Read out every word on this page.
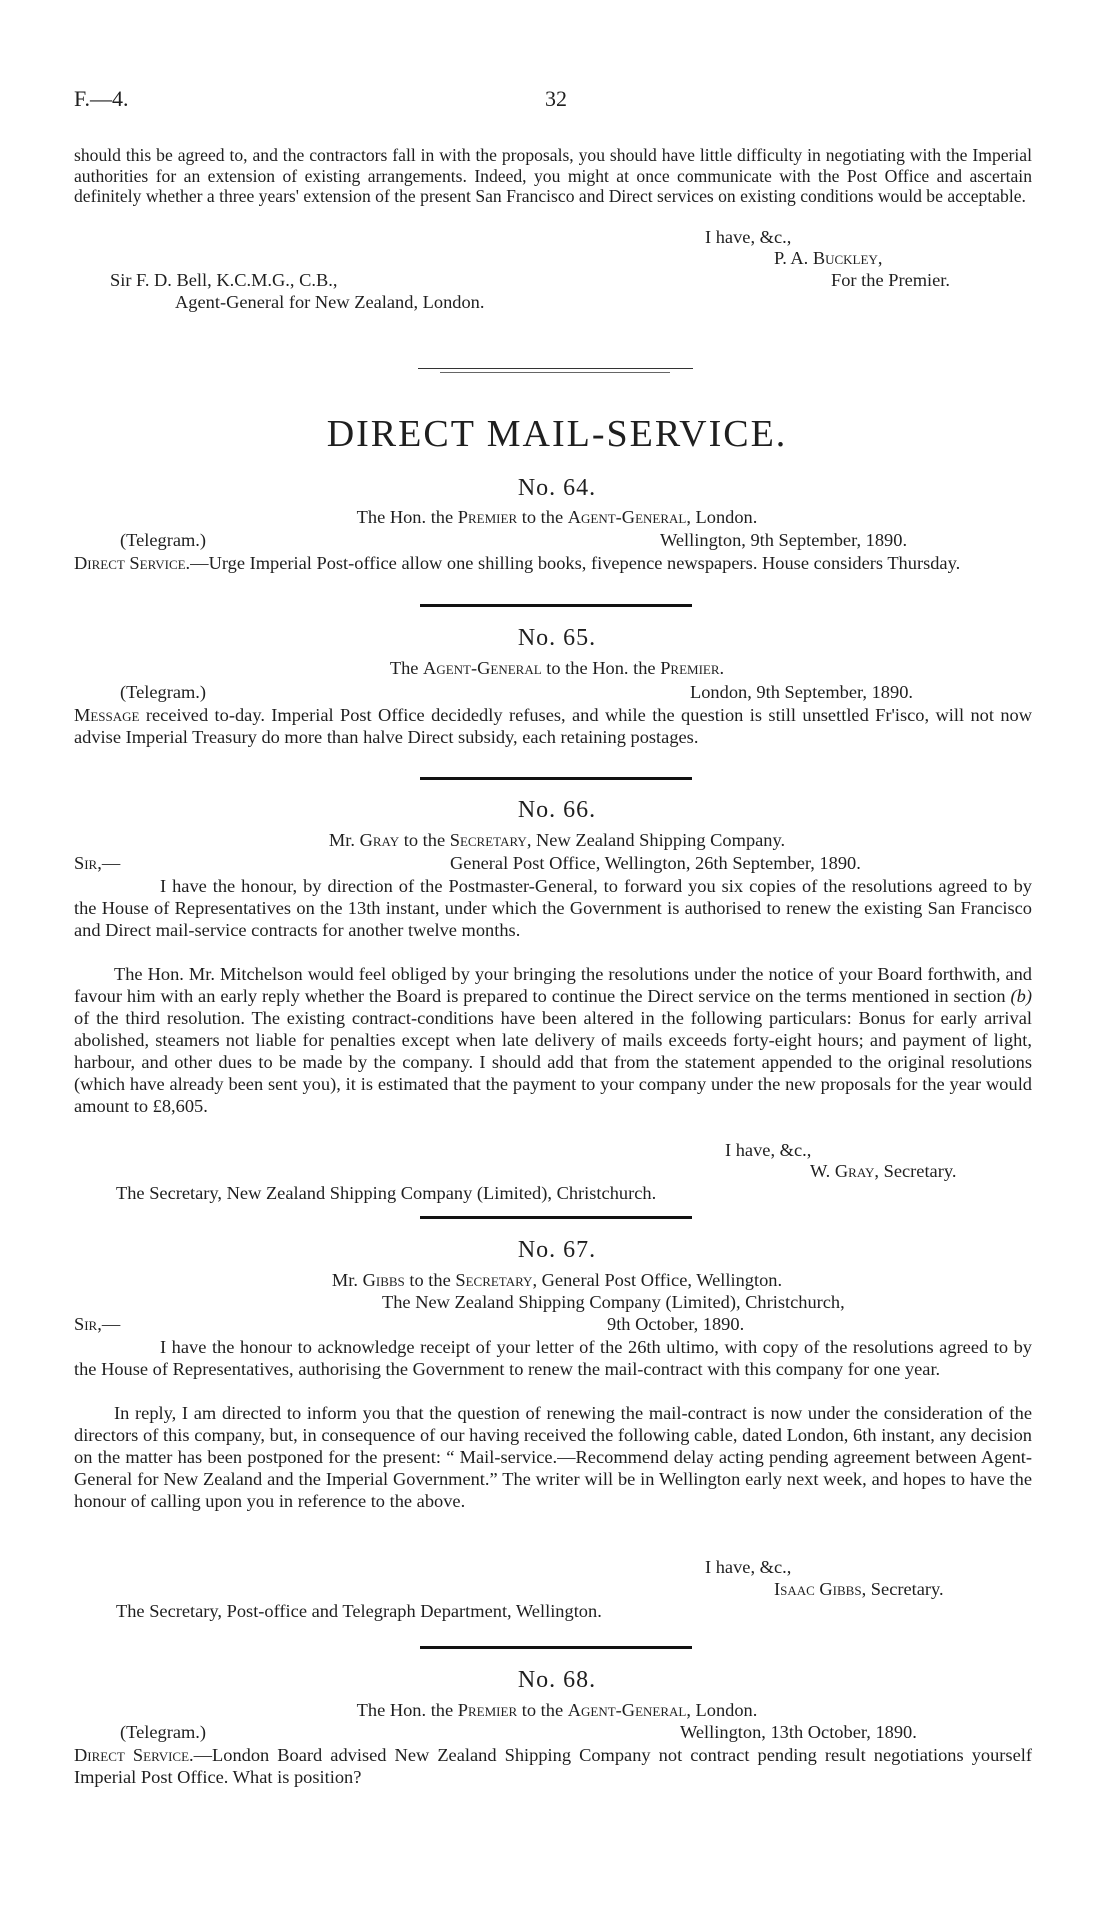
F.—4.	32
should this be agreed to, and the contractors fall in with the proposals, you should have little difficulty in negotiating with the Imperial authorities for an extension of existing arrangements. Indeed, you might at once communicate with the Post Office and ascertain definitely whether a three years' extension of the present San Francisco and Direct services on existing conditions would be acceptable.
I have, &c.,
P. A. Buckley,
For the Premier.
Sir F. D. Bell, K.C.M.G., C.B.,
Agent-General for New Zealand, London.
DIRECT MAIL-SERVICE.
No. 64.
The Hon. the Premier to the Agent-General, London.
(Telegram.)	Wellington, 9th September, 1890.
Direct Service.—Urge Imperial Post-office allow one shilling books, fivepence newspapers. House considers Thursday.
No. 65.
The Agent-General to the Hon. the Premier.
(Telegram.)	London, 9th September, 1890.
Message received to-day. Imperial Post Office decidedly refuses, and while the question is still unsettled Fr'isco, will not now advise Imperial Treasury do more than halve Direct subsidy, each retaining postages.
No. 66.
Mr. Gray to the Secretary, New Zealand Shipping Company.
Sir,—	General Post Office, Wellington, 26th September, 1890.
I have the honour, by direction of the Postmaster-General, to forward you six copies of the resolutions agreed to by the House of Representatives on the 13th instant, under which the Government is authorised to renew the existing San Francisco and Direct mail-service contracts for another twelve months.
The Hon. Mr. Mitchelson would feel obliged by your bringing the resolutions under the notice of your Board forthwith, and favour him with an early reply whether the Board is prepared to continue the Direct service on the terms mentioned in section (b) of the third resolution. The existing contract-conditions have been altered in the following particulars: Bonus for early arrival abolished, steamers not liable for penalties except when late delivery of mails exceeds forty-eight hours; and payment of light, harbour, and other dues to be made by the company. I should add that from the statement appended to the original resolutions (which have already been sent you), it is estimated that the payment to your company under the new proposals for the year would amount to £8,605.
I have, &c.,
W. Gray, Secretary.
The Secretary, New Zealand Shipping Company (Limited), Christchurch.
No. 67.
Mr. Gibbs to the Secretary, General Post Office, Wellington.
The New Zealand Shipping Company (Limited), Christchurch,
Sir,—	9th October, 1890.
I have the honour to acknowledge receipt of your letter of the 26th ultimo, with copy of the resolutions agreed to by the House of Representatives, authorising the Government to renew the mail-contract with this company for one year.
In reply, I am directed to inform you that the question of renewing the mail-contract is now under the consideration of the directors of this company, but, in consequence of our having received the following cable, dated London, 6th instant, any decision on the matter has been postponed for the present: “ Mail-service.—Recommend delay acting pending agreement between Agent-General for New Zealand and the Imperial Government.” The writer will be in Wellington early next week, and hopes to have the honour of calling upon you in reference to the above.
I have, &c.,
Isaac Gibbs, Secretary.
The Secretary, Post-office and Telegraph Department, Wellington.
No. 68.
The Hon. the Premier to the Agent-General, London.
(Telegram.)	Wellington, 13th October, 1890.
Direct Service.—London Board advised New Zealand Shipping Company not contract pending result negotiations yourself Imperial Post Office. What is position?
